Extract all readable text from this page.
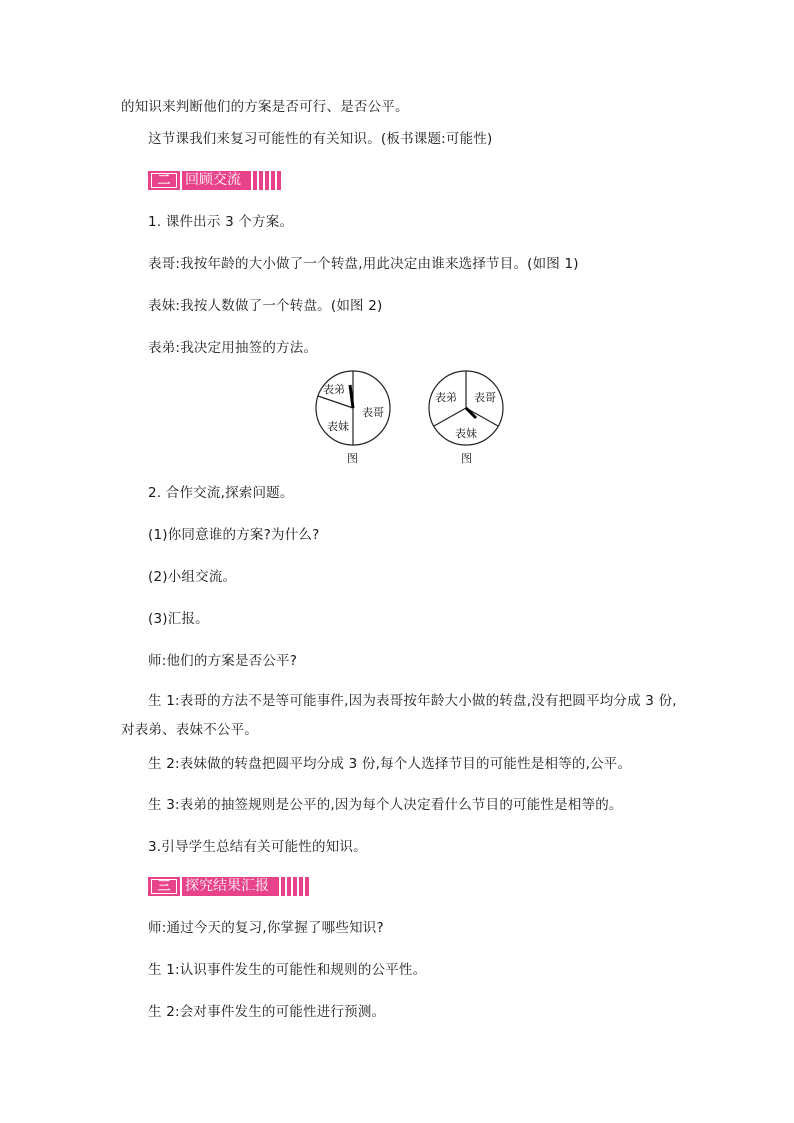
的知识来判断他们的方案是否可行、是否公平。
这节课我们来复习可能性的有关知识。(板书课题:可能性)
二	回顾交流
1. 课件出示 3 个方案。
表哥:我按年龄的大小做了一个转盘,用此决定由谁来选择节目。(如图 1)
表妹:我按人数做了一个转盘。(如图 2)
表弟:我决定用抽签的方法。
表弟
表哥
表妹
图
表弟 表哥
表妹
图
2. 合作交流,探索问题。
(1)你同意谁的方案?为什么?
(2)小组交流。
(3)汇报。
师:他们的方案是否公平?
生 1:表哥的方法不是等可能事件,因为表哥按年龄大小做的转盘,没有把圆平均分成 3 份,
对表弟、表妹不公平。
生 2:表妹做的转盘把圆平均分成 3 份,每个人选择节目的可能性是相等的,公平。
生 3:表弟的抽签规则是公平的,因为每个人决定看什么节目的可能性是相等的。
3.引导学生总结有关可能性的知识。
三	探究结果汇报
师:通过今天的复习,你掌握了哪些知识?
生 1:认识事件发生的可能性和规则的公平性。
生 2:会对事件发生的可能性进行预测。
